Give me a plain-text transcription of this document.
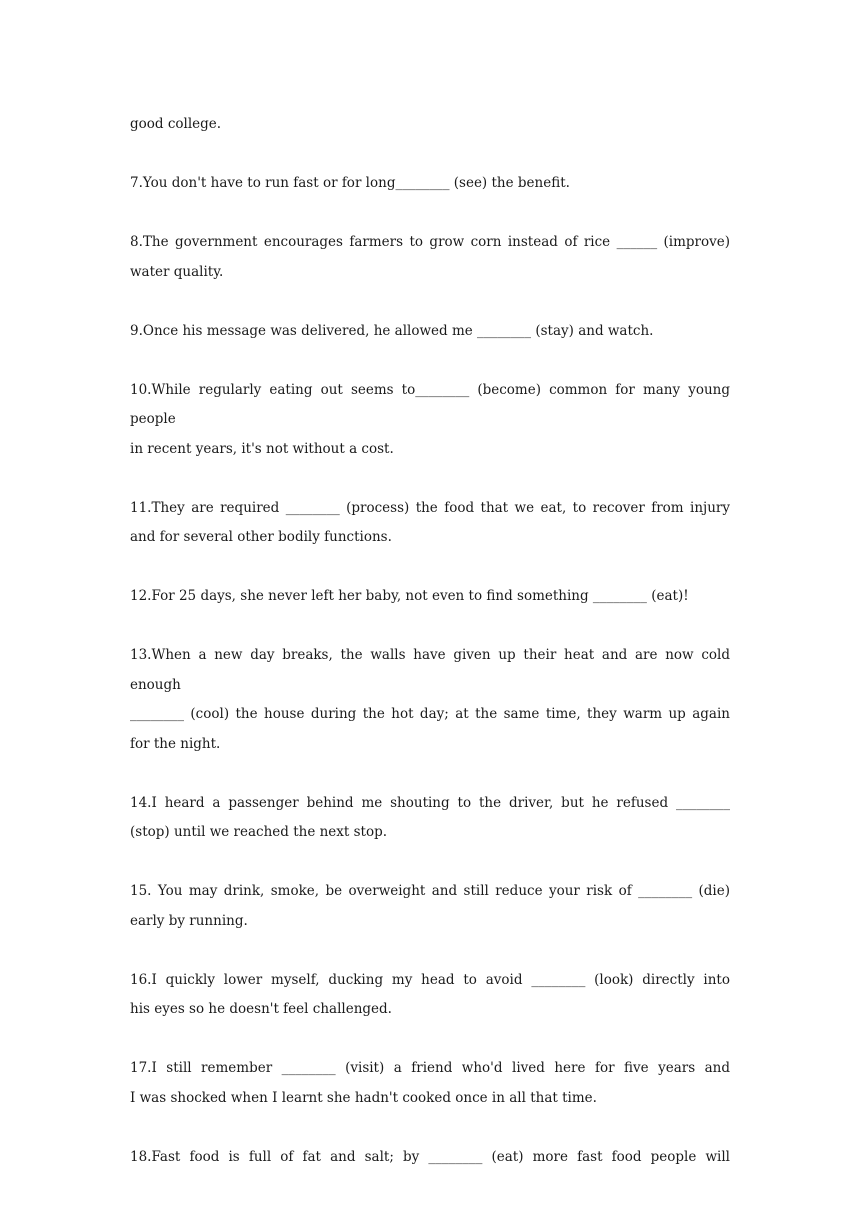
good college.

7.You don't have to run fast or for long________ (see) the benefit.
8.The government encourages farmers to grow corn instead of rice ______ (improve)
water quality.
9.Once his message was delivered, he allowed me ________ (stay) and watch.
10.While regularly eating out seems to________ (become) common for many young people
in recent years, it's not without a cost.
11.They are required ________ (process) the food that we eat, to recover from injury
and for several other bodily functions.
12.For 25 days, she never left her baby, not even to find something ________ (eat)!
13.When a new day breaks, the walls have given up their heat and are now cold enough
________ (cool) the house during the hot day; at the same time, they warm up again
for the night.
14.I heard a passenger behind me shouting to the driver, but he refused ________
(stop) until we reached the next stop.
15. You may drink, smoke, be overweight and still reduce your risk of ________ (die)
early by running.
16.I quickly lower myself, ducking my head to avoid ________ (look) directly into
his eyes so he doesn't feel challenged.
17.I still remember ________ (visit) a friend who'd lived here for five years and
I was shocked when I learnt she hadn't cooked once in all that time.
18.Fast food is full of fat and salt; by ________ (eat) more fast food people will
